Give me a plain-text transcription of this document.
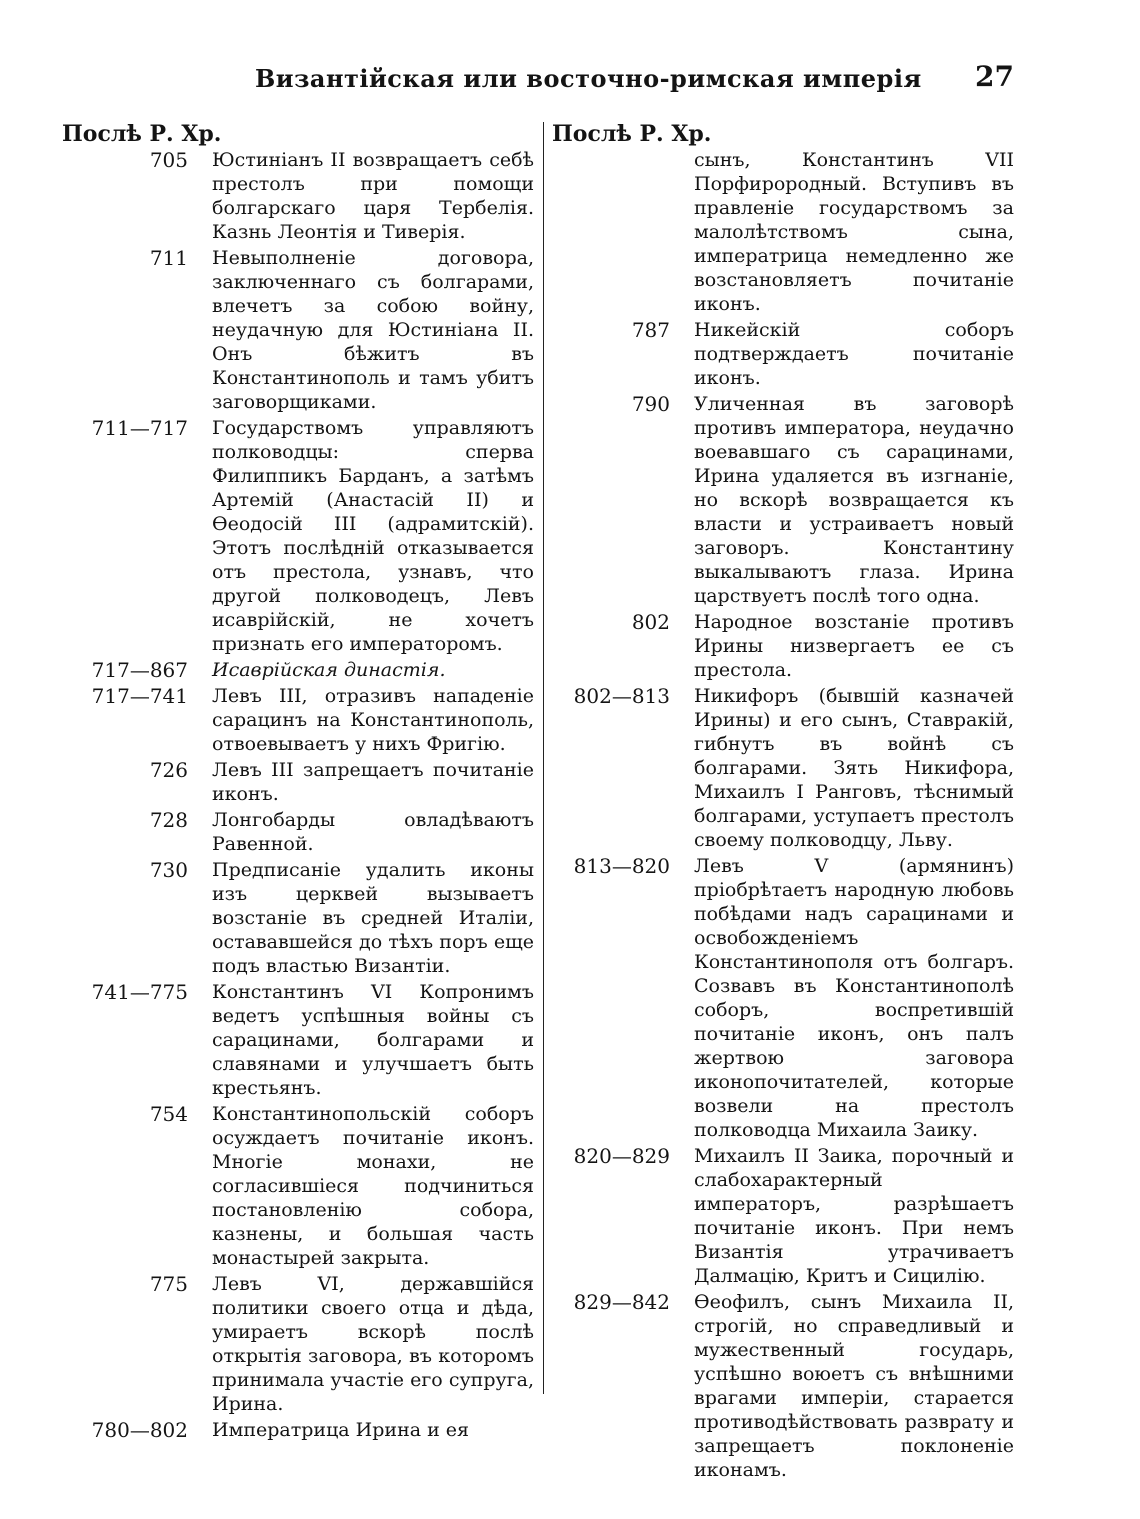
Византійская или восточно-римская имперія 27
Послѣ Р. Хр.
705 Юстиніанъ II возвращаетъ себѣ престолъ при помощи болгарскаго царя Тербелія. Казнь Леонтія и Тиверія.
711 Невыполненіе договора, заключеннаго съ болгарами, влечетъ за собою войну, неудачную для Юстиніана II. Онъ бѣжитъ въ Константинополь и тамъ убитъ заговорщиками.
711—717 Государствомъ управляютъ полководцы: сперва Филиппикъ Барданъ, а затѣмъ Артемій (Анастасій II) и Өеодосій III (адрамитскій). Этотъ послѣдній отказывается отъ престола, узнавъ, что другой полководецъ, Левъ исаврійскій, не хочетъ признать его императоромъ.
717—867 Исаврійская династія.
717—741 Левъ III, отразивъ нападеніе сарацинъ на Константинополь, отвоевываетъ у нихъ Фригію.
726 Левъ III запрещаетъ почитаніе иконъ.
728 Лонгобарды овладѣваютъ Равенной.
730 Предписаніе удалить иконы изъ церквей вызываетъ возстаніе въ средней Италіи, остававшейся до тѣхъ поръ еще подъ властью Византіи.
741—775 Константинъ VI Копронимъ ведетъ успѣшныя войны съ сарацинами, болгарами и славянами и улучшаетъ быть крестьянъ.
754 Константинопольскій соборъ осуждаетъ почитаніе иконъ. Многіе монахи, не согласившіеся подчиниться постановленію собора, казнены, и большая часть монастырей закрыта.
775 Левъ VI, державшійся политики своего отца и дѣда, умираетъ вскорѣ послѣ открытія заговора, въ которомъ принимала участіе его супруга, Ирина.
780—802 Императрица Ирина и ея
Послѣ Р. Хр.
сынъ, Константинъ VII Порфирородный. Вступивъ въ правленіе государствомъ за малолѣтствомъ сына, императрица немедленно же возстановляетъ почитаніе иконъ.
787 Никейскій соборъ подтверждаетъ почитаніе иконъ.
790 Уличенная въ заговорѣ противъ императора, неудачно воевавшаго съ сарацинами, Ирина удаляется въ изгнаніе, но вскорѣ возвращается къ власти и устраиваетъ новый заговоръ. Константину выкалываютъ глаза. Ирина царствуетъ послѣ того одна.
802 Народное возстаніе противъ Ирины низвергаетъ ее съ престола.
802—813 Никифоръ (бывшій казначей Ирины) и его сынъ, Ставракій, гибнутъ въ войнѣ съ болгарами. Зять Никифора, Михаилъ I Ранговъ, тѣснимый болгарами, уступаетъ престолъ своему полководцу, Льву.
813—820 Левъ V (армянинъ) пріобрѣтаетъ народную любовь побѣдами надъ сарацинами и освобожденіемъ Константинополя отъ болгаръ. Созвавъ въ Константинополѣ соборъ, воспретившій почитаніе иконъ, онъ палъ жертвою заговора иконопочитателей, которые возвели на престолъ полководца Михаила Заику.
820—829 Михаилъ II Заика, порочный и слабохарактерный императоръ, разрѣшаетъ почитаніе иконъ. При немъ Византія утрачиваетъ Далмацію, Критъ и Сицилію.
829—842 Өеофилъ, сынъ Михаила II, строгій, но справедливый и мужественный государь, успѣшно воюетъ съ внѣшними врагами имперіи, старается противодѣйствовать разврату и запрещаетъ поклоненіе иконамъ.
